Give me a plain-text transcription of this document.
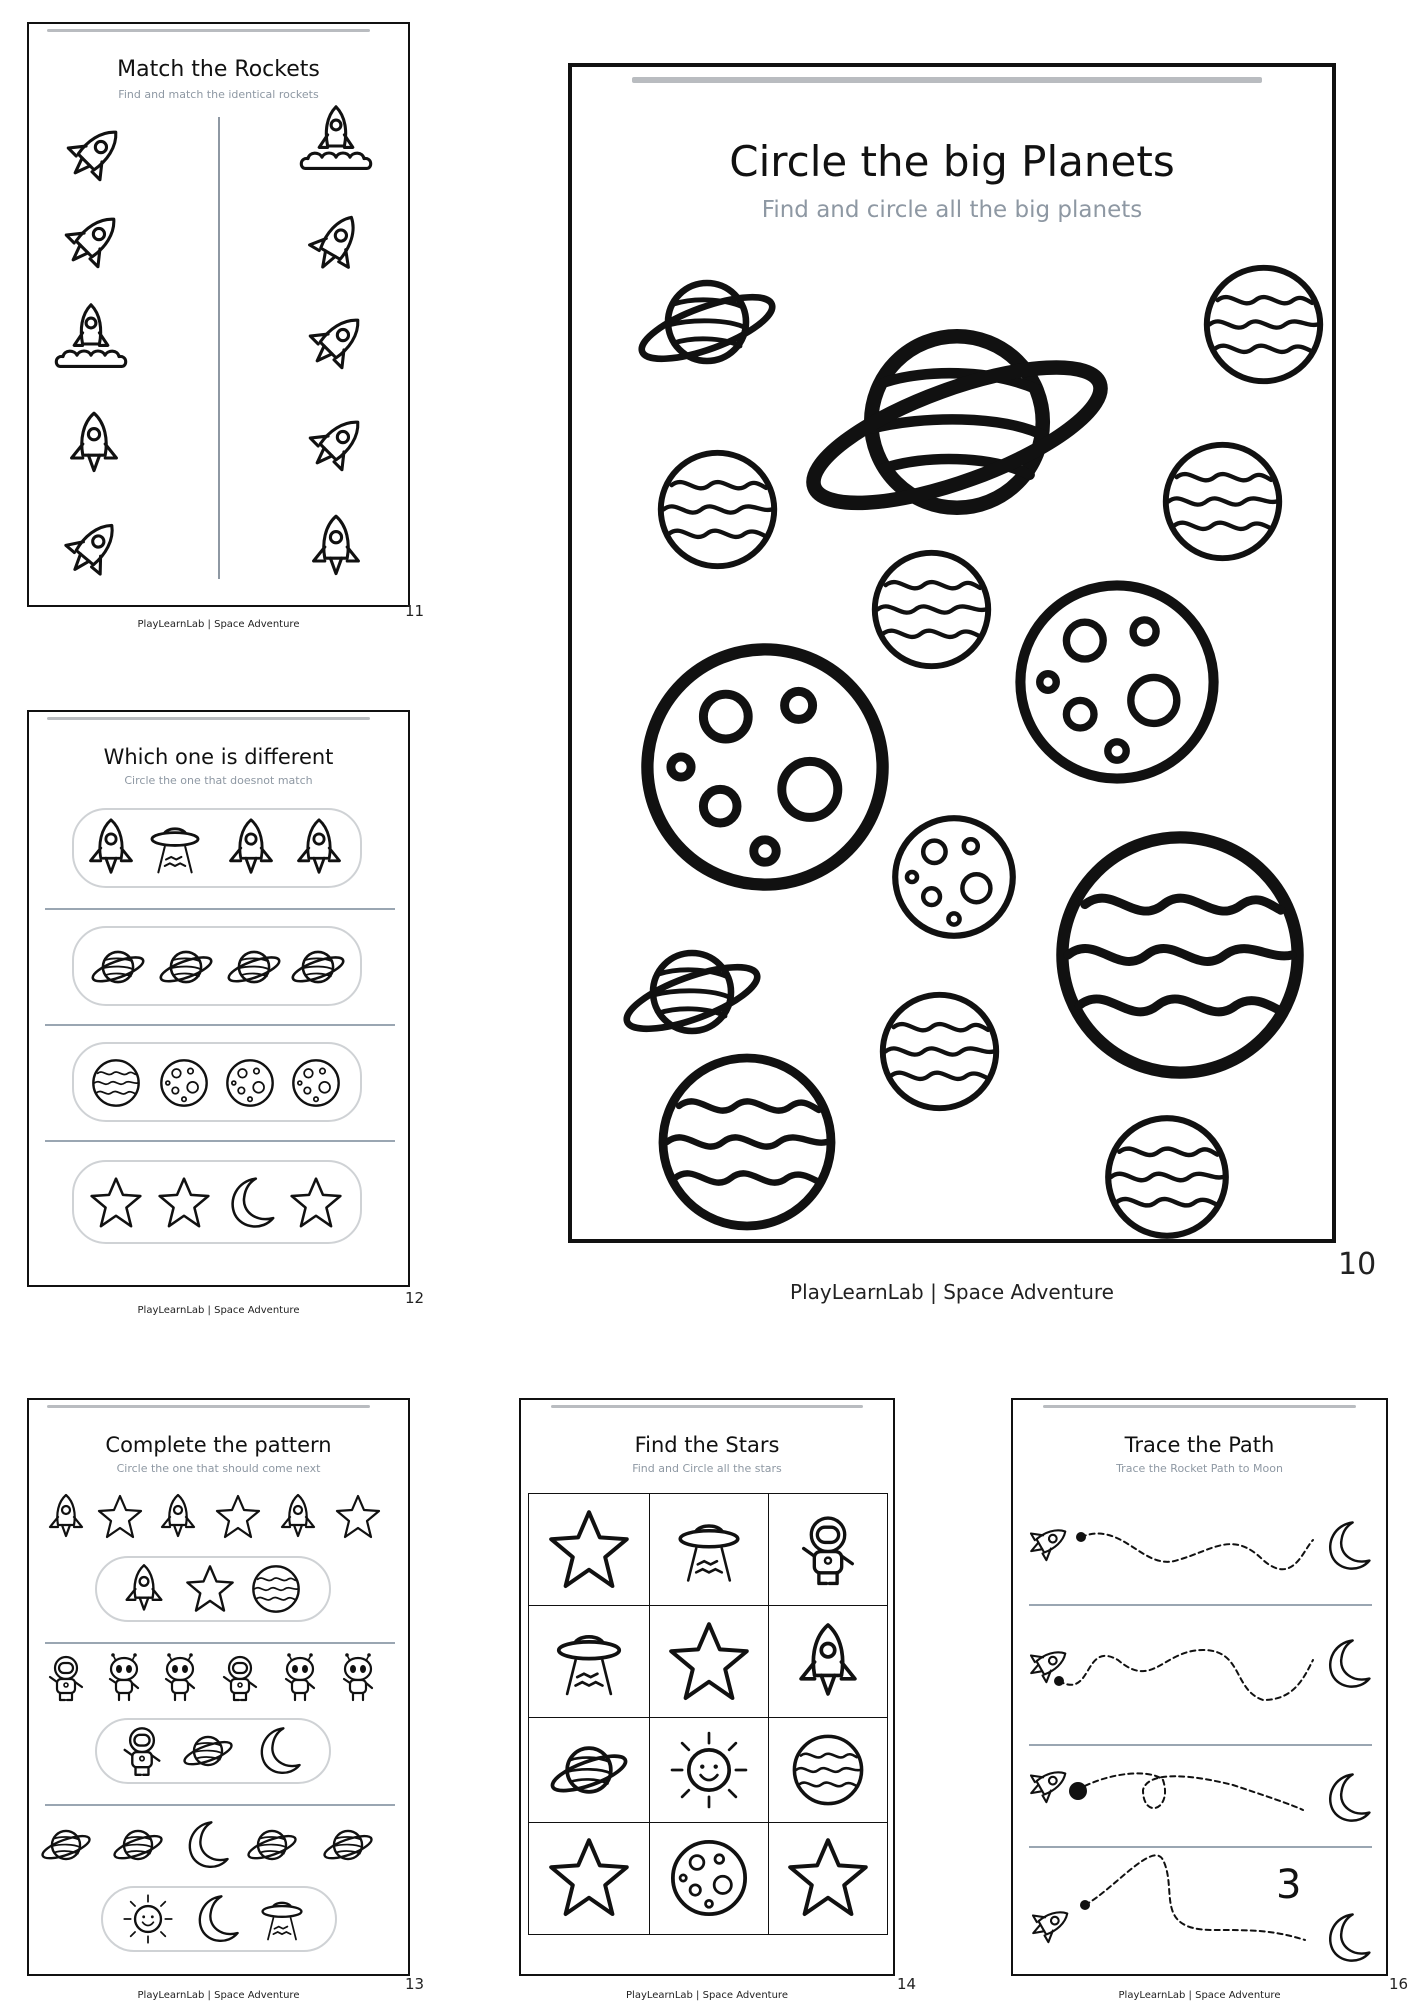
Match the Rockets
Find and match the identical rockets
PlayLearnLab | Space Adventure
11
Which one is different
Circle the one that doesnot match
PlayLearnLab | Space Adventure
12
Circle the big Planets
Find and circle all the big planets
PlayLearnLab | Space Adventure
10
Complete the pattern
Circle the one that should come next
PlayLearnLab | Space Adventure
13
Find the Stars
Find and Circle all the stars

PlayLearnLab | Space Adventure
14
Trace the Path
Trace the Rocket Path to Moon
3
PlayLearnLab | Space Adventure
16
